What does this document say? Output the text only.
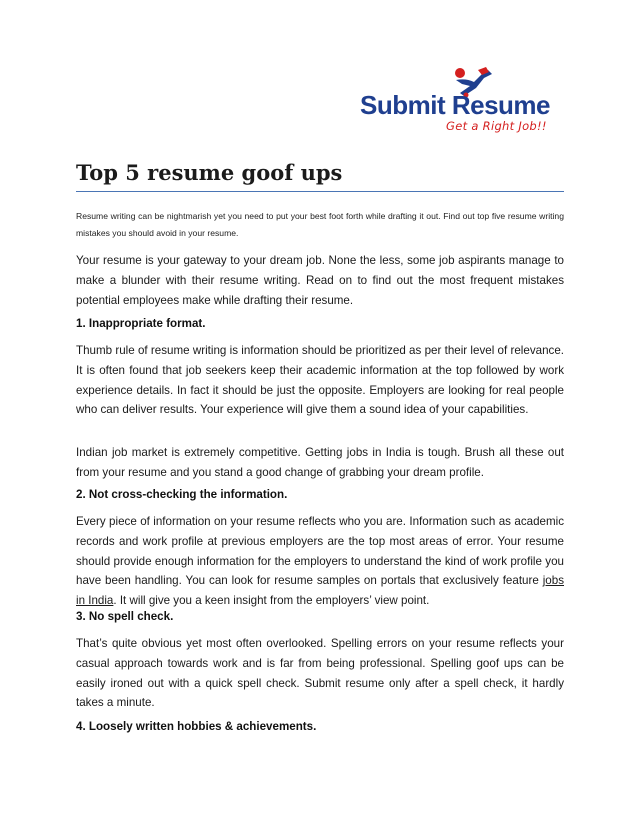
Submit Resume
Get a Right Job!!
Top 5 resume goof ups
Resume writing can be nightmarish yet you need to put your best foot forth while drafting it out. Find out top five resume writing mistakes you should avoid in your resume.
Your resume is your gateway to your dream job. None the less, some job aspirants manage to make a blunder with their resume writing. Read on to find out the most frequent mistakes potential employees make while drafting their resume.
1. Inappropriate format.
Thumb rule of resume writing is information should be prioritized as per their level of relevance. It is often found that job seekers keep their academic information at the top followed by work experience details. In fact it should be just the opposite. Employers are looking for real people who can deliver results. Your experience will give them a sound idea of your capabilities.
Indian job market is extremely competitive. Getting jobs in India is tough. Brush all these out from your resume and you stand a good change of grabbing your dream profile.
2. Not cross-checking the information.
Every piece of information on your resume reflects who you are. Information such as academic records and work profile at previous employers are the top most areas of error. Your resume should provide enough information for the employers to understand the kind of work profile you have been handling. You can look for resume samples on portals that exclusively feature jobs in India. It will give you a keen insight from the employers’ view point.
3. No spell check.
That’s quite obvious yet most often overlooked. Spelling errors on your resume reflects your casual approach towards work and is far from being professional. Spelling goof ups can be easily ironed out with a quick spell check. Submit resume only after a spell check, it hardly takes a minute.
4. Loosely written hobbies & achievements.
